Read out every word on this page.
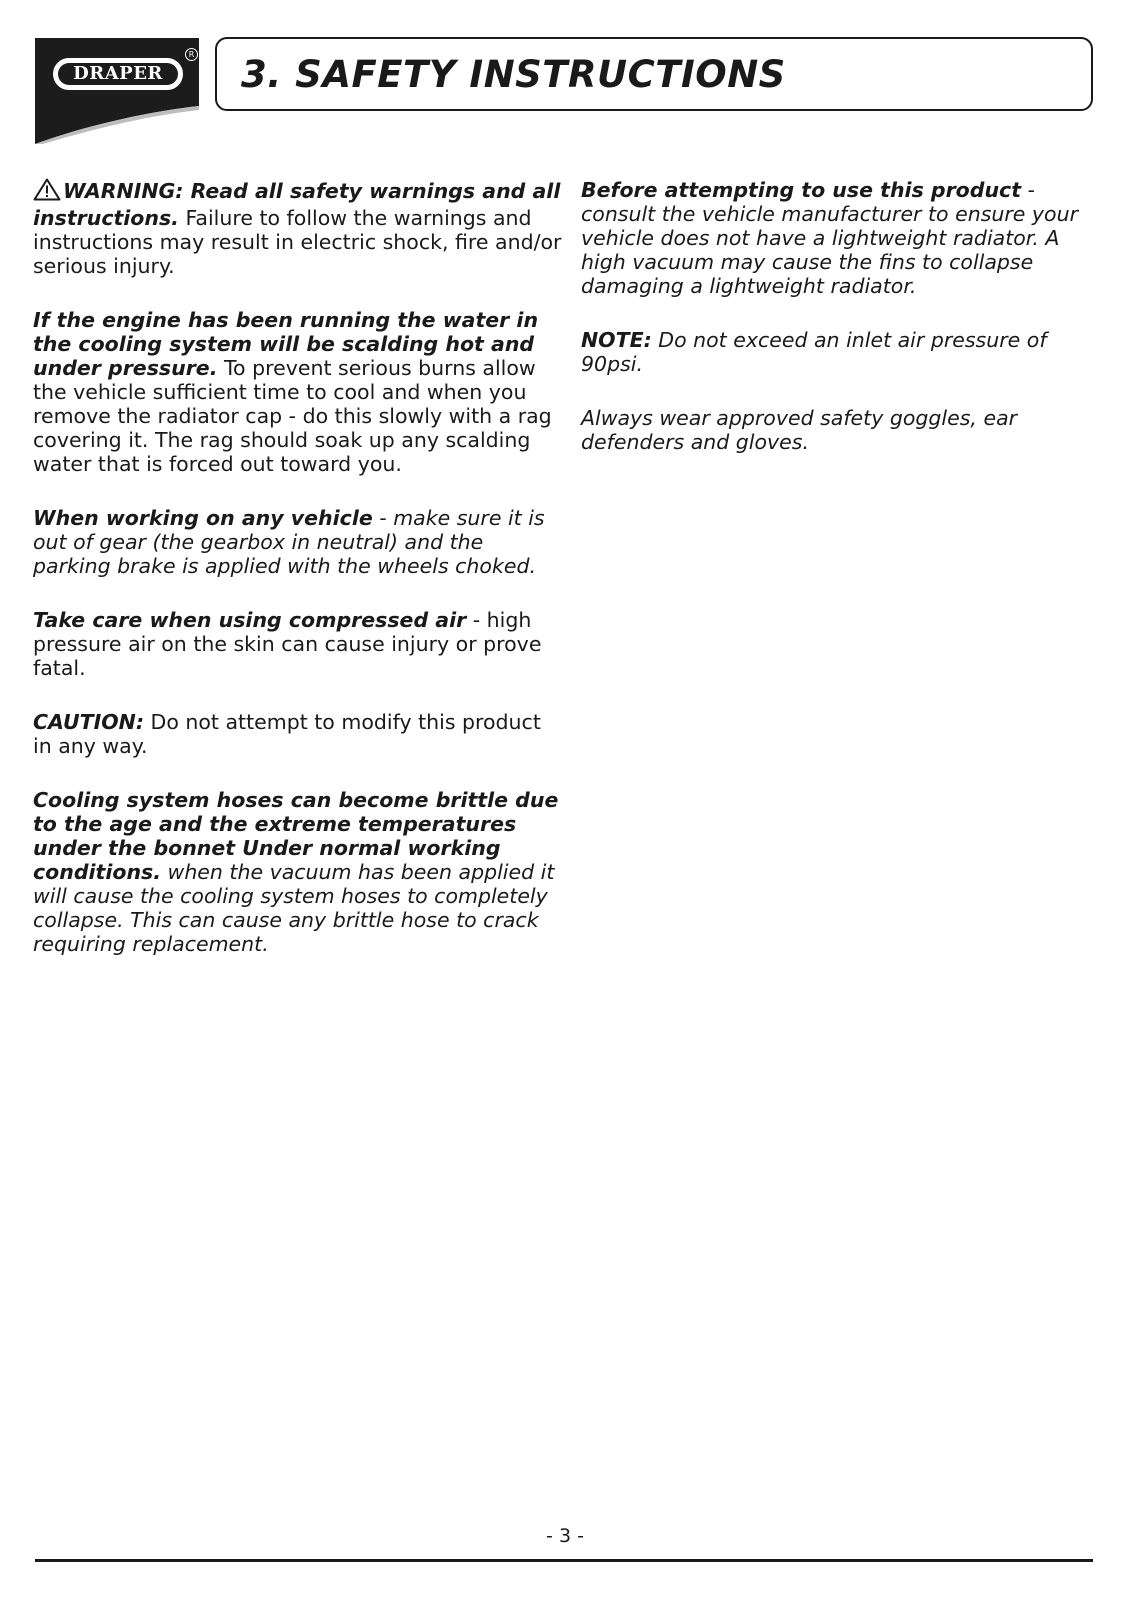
DRAPER
R 3. SAFETY INSTRUCTIONS

WARNING: Read all safety warnings and all instructions. Failure to follow the warnings and instructions may result in electric shock, fire and/or serious injury.

If the engine has been running the water in the cooling system will be scalding hot and under pressure. To prevent serious burns allow the vehicle sufficient time to cool and when you remove the radiator cap - do this slowly with a rag covering it. The rag should soak up any scalding water that is forced out toward you.

When working on any vehicle - make sure it is out of gear (the gearbox in neutral) and the parking brake is applied with the wheels choked.

Take care when using compressed air - high pressure air on the skin can cause injury or prove fatal.

CAUTION: Do not attempt to modify this product in any way.

Cooling system hoses can become brittle due to the age and the extreme temperatures under the bonnet Under normal working conditions. when the vacuum has been applied it will cause the cooling system hoses to completely collapse. This can cause any brittle hose to crack requiring replacement.

Before attempting to use this product - consult the vehicle manufacturer to ensure your vehicle does not have a lightweight radiator. A high vacuum may cause the fins to collapse damaging a lightweight radiator.

NOTE: Do not exceed an inlet air pressure of 90psi.

Always wear approved safety goggles, ear defenders and gloves.

- 3 -
